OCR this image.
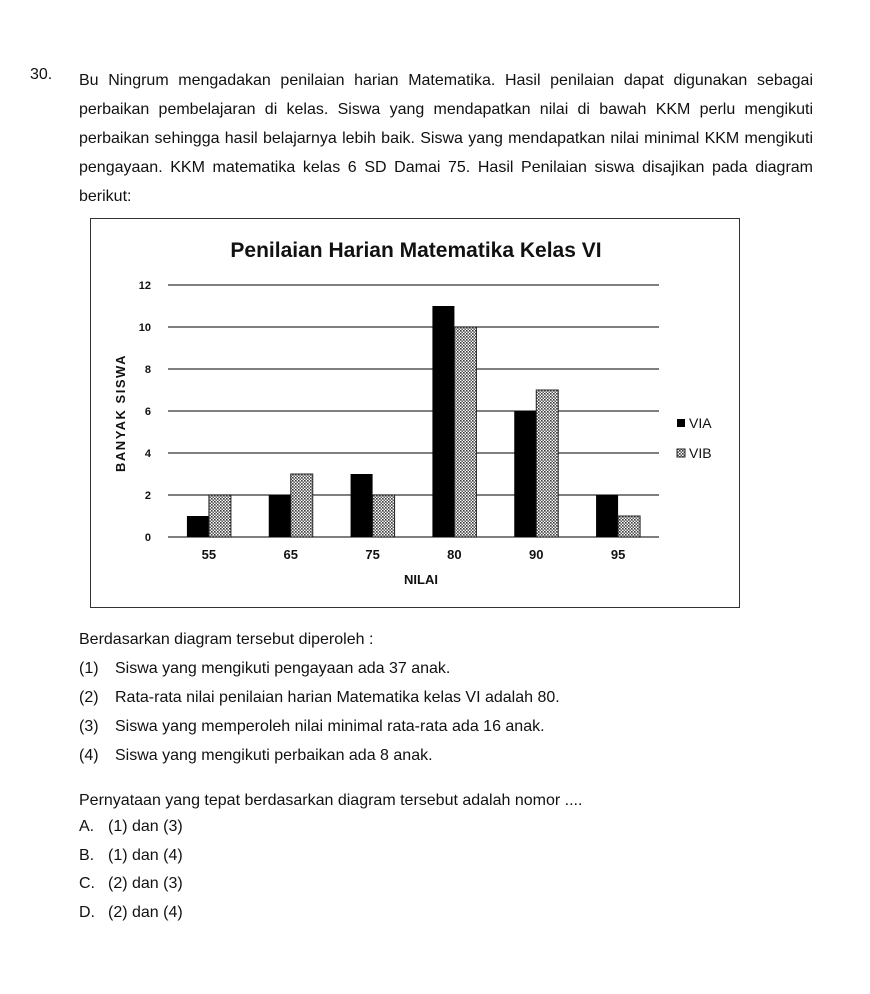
30. Bu Ningrum mengadakan penilaian harian Matematika. Hasil penilaian dapat digunakan sebagai perbaikan pembelajaran di kelas. Siswa yang mendapatkan nilai di bawah KKM perlu mengikuti perbaikan sehingga hasil belajarnya lebih baik. Siswa yang mendapatkan nilai minimal KKM mengikuti pengayaan. KKM matematika kelas 6 SD Damai 75. Hasil Penilaian siswa disajikan pada diagram berikut:

Penilaian Harian Matematika Kelas VI
0
2
4
6
8
10
12
55	65	75	80	90	95
NILAI
BANYAK SISWA	VIA
VIB
Berdasarkan diagram tersebut diperoleh :
(1)	Siswa yang mengikuti pengayaan ada 37 anak.
(2)	Rata-rata nilai penilaian harian Matematika kelas VI adalah 80.
(3)	Siswa yang memperoleh nilai minimal rata-rata ada 16 anak.
(4)	Siswa yang mengikuti perbaikan ada 8 anak.
Pernyataan yang tepat berdasarkan diagram tersebut adalah nomor ....
A. (1) dan (3)
B. (1) dan (4)
C. (2) dan (3)
D. (2) dan (4)
